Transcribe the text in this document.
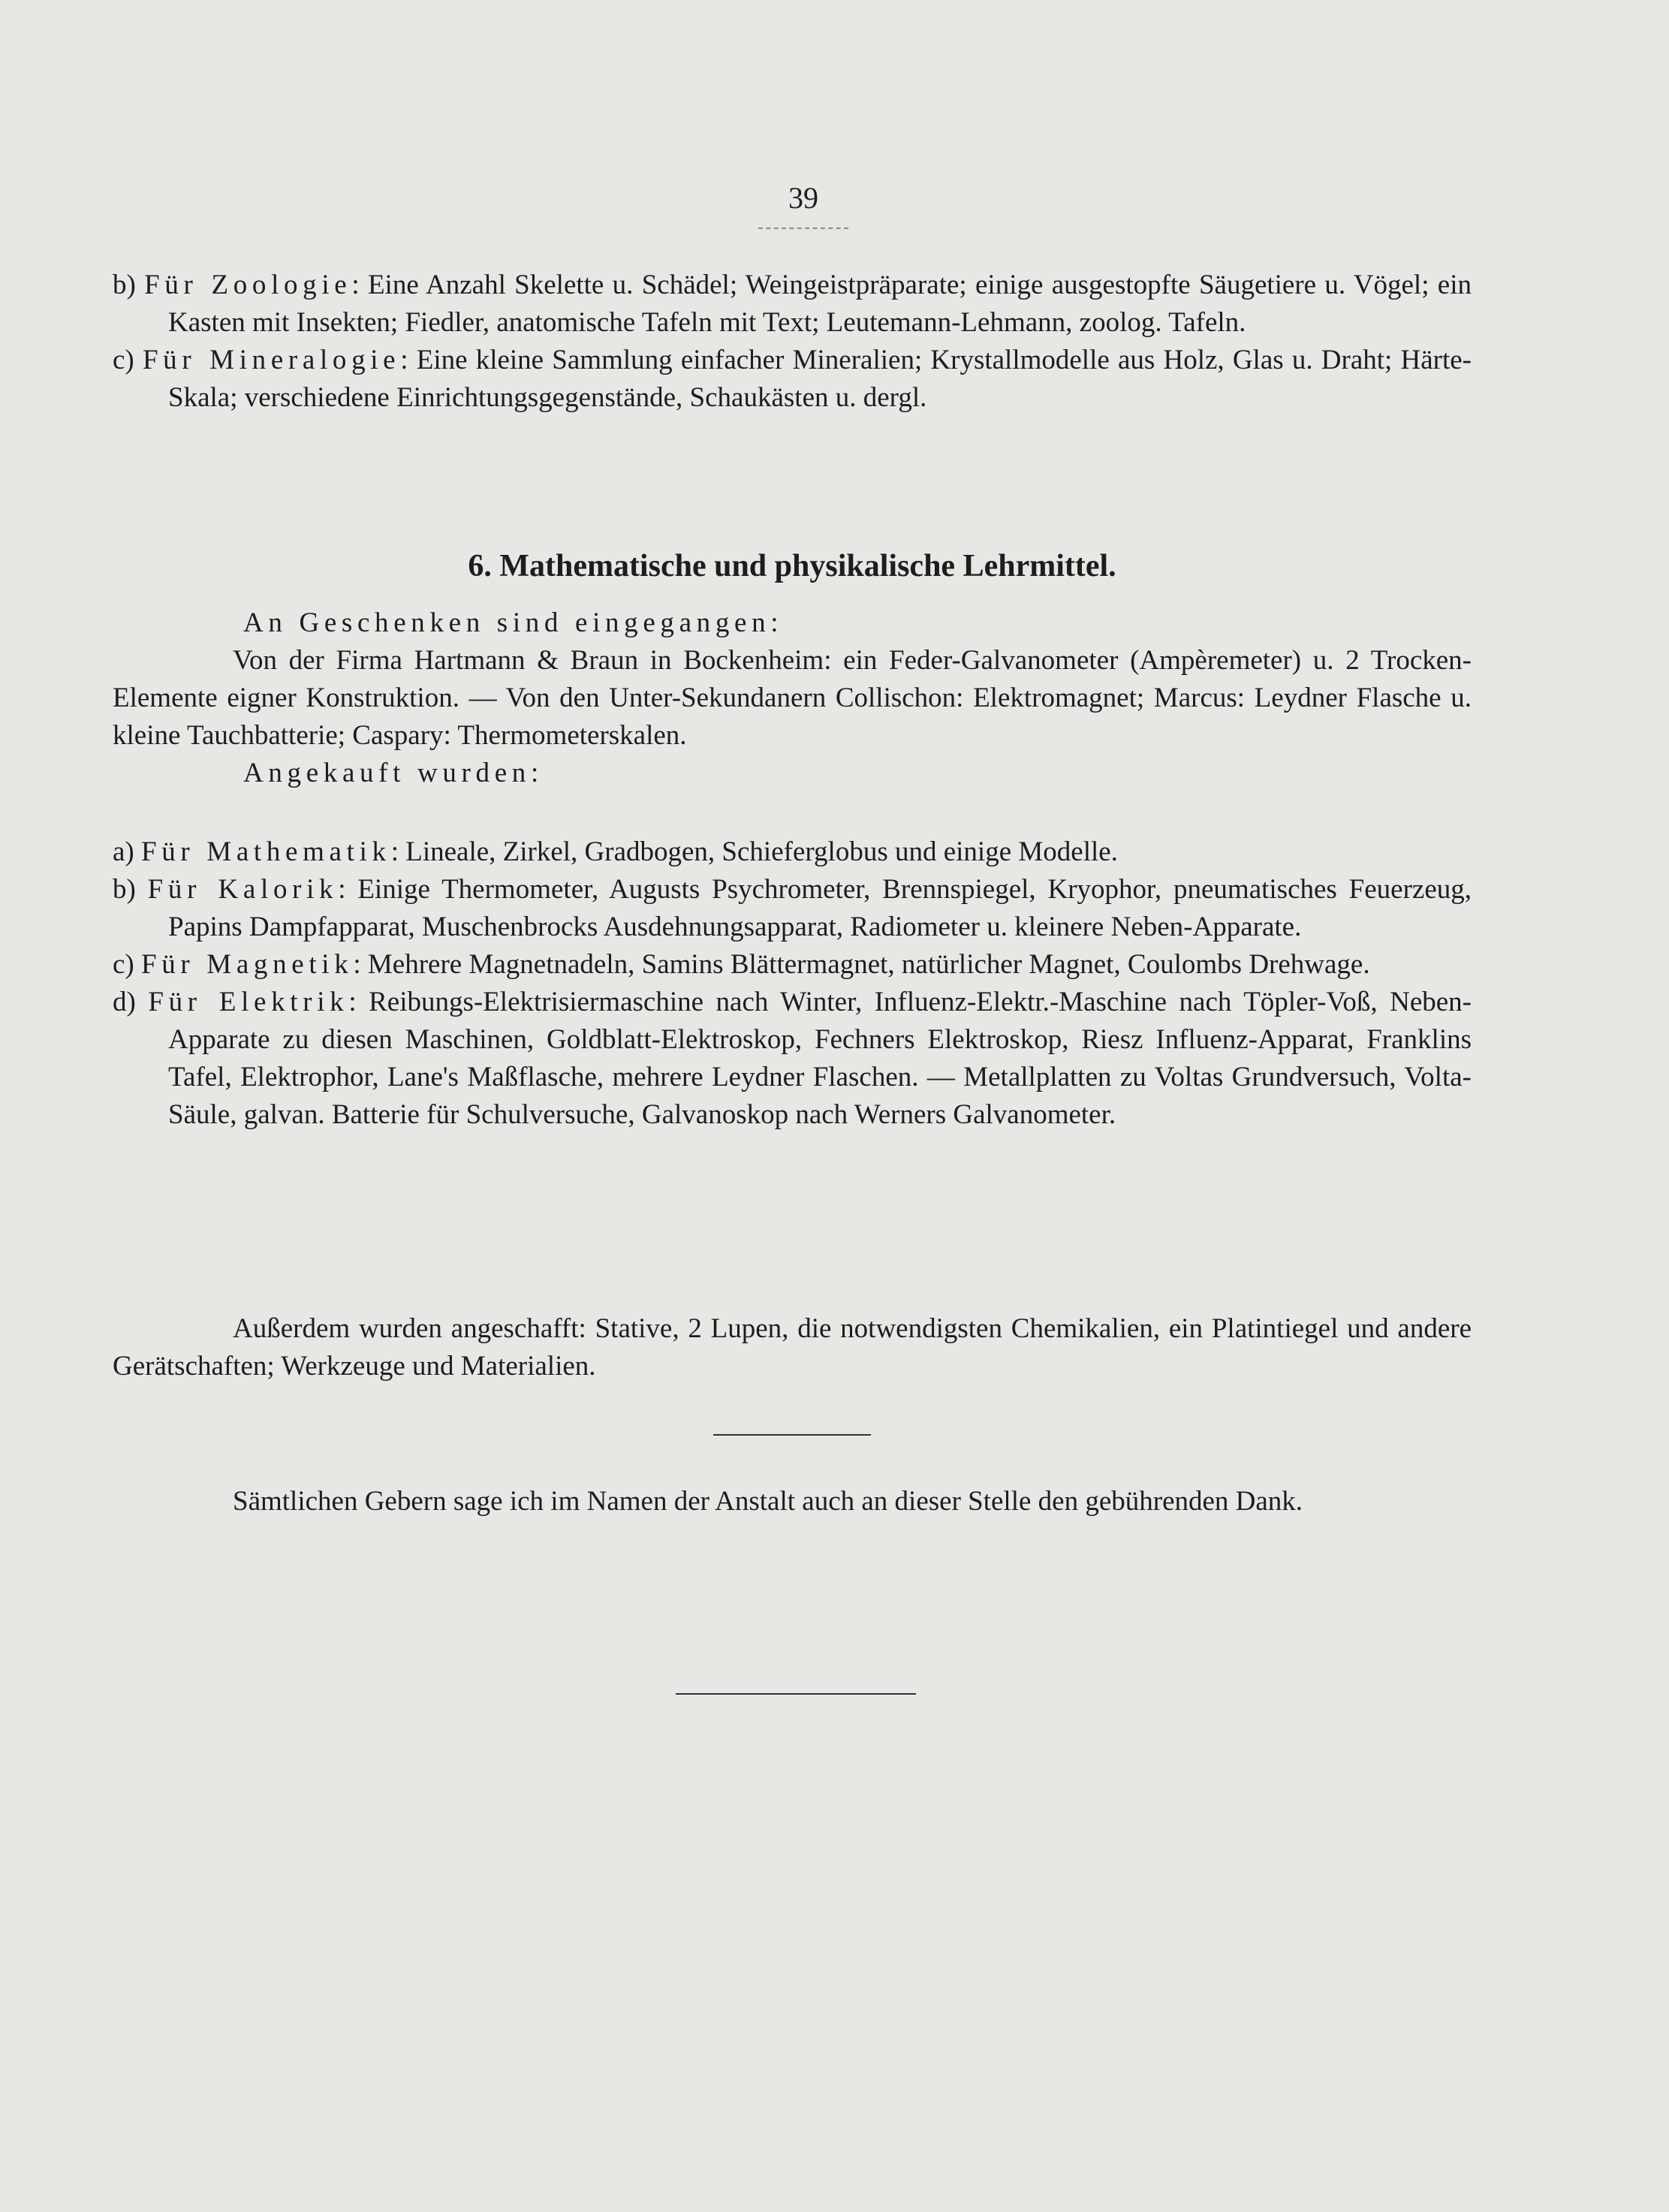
39

b) Für Zoologie: Eine Anzahl Skelette u. Schädel; Weingeistpräparate; einige ausgestopfte Säugetiere u. Vögel; ein Kasten mit Insekten; Fiedler, anatomische Tafeln mit Text; Leutemann-Lehmann, zoolog. Tafeln.

c) Für Mineralogie: Eine kleine Sammlung einfacher Mineralien; Krystallmodelle aus Holz, Glas u. Draht; Härte-Skala; verschiedene Einrichtungsgegenstände, Schaukästen u. dergl.

6. Mathematische und physikalische Lehrmittel.

An Geschenken sind eingegangen:

Von der Firma Hartmann & Braun in Bockenheim: ein Feder-Galvanometer (Ampèremeter) u. 2 Trocken-Elemente eigner Konstruktion. — Von den Unter-Sekundanern Collischon: Elektromagnet; Marcus: Leydner Flasche u. kleine Tauchbatterie; Caspary: Thermometerskalen.

Angekauft wurden:

a) Für Mathematik: Lineale, Zirkel, Gradbogen, Schieferglobus und einige Modelle.

b) Für Kalorik: Einige Thermometer, Augusts Psychrometer, Brennspiegel, Kryophor, pneumatisches Feuerzeug, Papins Dampfapparat, Muschenbrocks Ausdehnungsapparat, Radiometer u. kleinere Neben-Apparate.

c) Für Magnetik: Mehrere Magnetnadeln, Samins Blättermagnet, natürlicher Magnet, Coulombs Drehwage.

d) Für Elektrik: Reibungs-Elektrisiermaschine nach Winter, Influenz-Elektr.-Maschine nach Töpler-Voß, Neben-Apparate zu diesen Maschinen, Goldblatt-Elektroskop, Fechners Elektroskop, Riesz Influenz-Apparat, Franklins Tafel, Elektrophor, Lane's Maßflasche, mehrere Leydner Flaschen. — Metallplatten zu Voltas Grundversuch, Volta-Säule, galvan. Batterie für Schulversuche, Galvanoskop nach Werners Galvanometer.

Außerdem wurden angeschafft: Stative, 2 Lupen, die notwendigsten Chemikalien, ein Platintiegel und andere Gerätschaften; Werkzeuge und Materialien.

Sämtlichen Gebern sage ich im Namen der Anstalt auch an dieser Stelle den gebührenden Dank.
